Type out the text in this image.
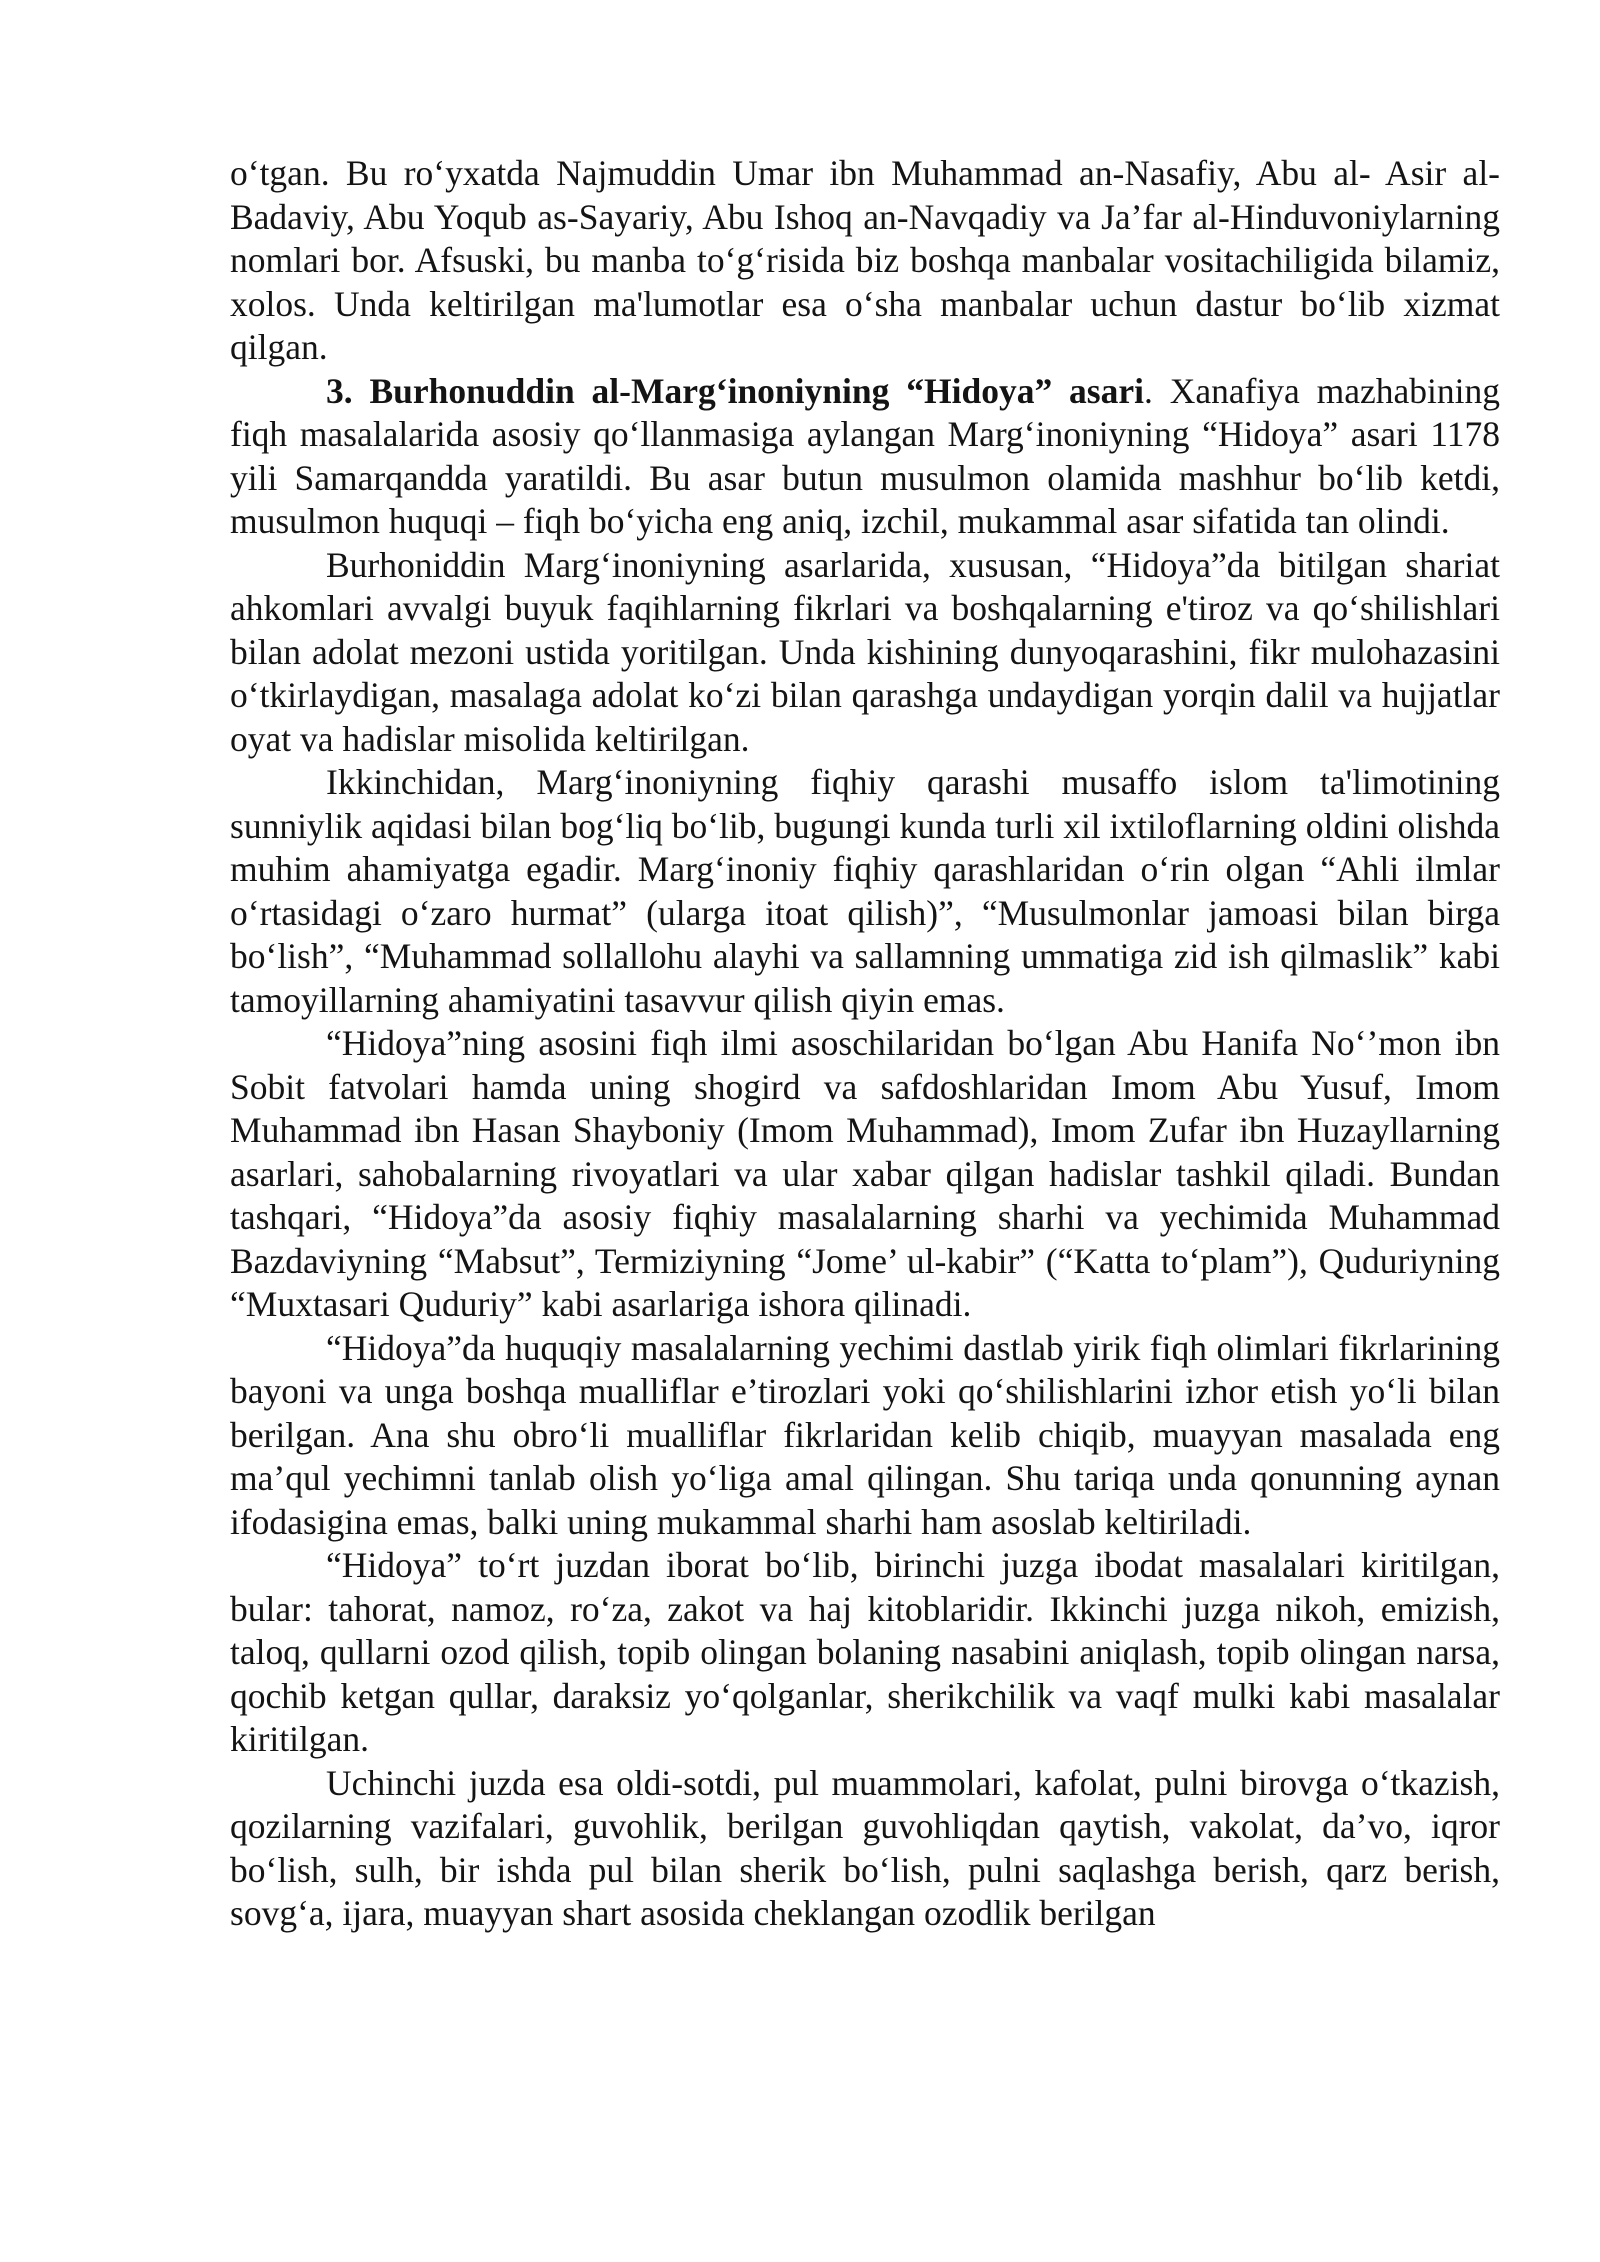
o‘tgan. Bu ro‘yxatda Najmuddin Umar ibn Muhammad an-Nasafiy, Abu al- Asir al-Badaviy, Abu Yoqub as-Sayariy, Abu Ishoq an-Navqadiy va Ja’far al-Hinduvoniylarning nomlari bor. Afsuski, bu manba to‘g‘risida biz boshqa manbalar vositachiligida bilamiz, xolos. Unda keltirilgan ma'lumotlar esa o‘sha manbalar uchun dastur bo‘lib xizmat qilgan.

3. Burhonuddin al-Marg‘inoniyning “Hidoya” asari. Xanafiya mazhabining fiqh masalalarida asosiy qo‘llanmasiga aylangan Marg‘inoniyning “Hidoya” asari 1178 yili Samarqandda yaratildi. Bu asar butun musulmon olamida mashhur bo‘lib ketdi, musulmon huquqi – fiqh bo‘yicha eng aniq, izchil, mukammal asar sifatida tan olindi.

Burhoniddin Marg‘inoniyning asarlarida, xususan, “Hidoya”da bitilgan shariat ahkomlari avvalgi buyuk faqihlarning fikrlari va boshqalarning e'tiroz va qo‘shilishlari bilan adolat mezoni ustida yoritilgan. Unda kishining dunyoqarashini, fikr mulohazasini o‘tkirlaydigan, masalaga adolat ko‘zi bilan qarashga undaydigan yorqin dalil va hujjatlar oyat va hadislar misolida keltirilgan.

Ikkinchidan, Marg‘inoniyning fiqhiy qarashi musaffo islom ta'limotining sunniylik aqidasi bilan bog‘liq bo‘lib, bugungi kunda turli xil ixtiloflarning oldini olishda muhim ahamiyatga egadir. Marg‘inoniy fiqhiy qarashlaridan o‘rin olgan “Ahli ilmlar o‘rtasidagi o‘zaro hurmat” (ularga itoat qilish)”, “Musulmonlar jamoasi bilan birga bo‘lish”, “Muhammad sollallohu alayhi va sallamning ummatiga zid ish qilmaslik” kabi tamoyillarning ahamiyatini tasavvur qilish qiyin emas.

“Hidoya”ning asosini fiqh ilmi asoschilaridan bo‘lgan Abu Hanifa No‘’mon ibn Sobit fatvolari hamda uning shogird va safdoshlaridan Imom Abu Yusuf, Imom Muhammad ibn Hasan Shayboniy (Imom Muhammad), Imom Zufar ibn Huzayllarning asarlari, sahobalarning rivoyatlari va ular xabar qilgan hadislar tashkil qiladi. Bundan tashqari, “Hidoya”da asosiy fiqhiy masalalarning sharhi va yechimida Muhammad Bazdaviyning “Mabsut”, Termiziyning “Jome’ ul-kabir” (“Katta to‘plam”), Quduriyning “Muxtasari Quduriy” kabi asarlariga ishora qilinadi.

“Hidoya”da huquqiy masalalarning yechimi dastlab yirik fiqh olimlari fikrlarining bayoni va unga boshqa mualliflar e’tirozlari yoki qo‘shilishlarini izhor etish yo‘li bilan berilgan. Ana shu obro‘li mualliflar fikrlaridan kelib chiqib, muayyan masalada eng ma’qul yechimni tanlab olish yo‘liga amal qilingan. Shu tariqa unda qonunning aynan ifodasigina emas, balki uning mukammal sharhi ham asoslab keltiriladi.

“Hidoya” to‘rt juzdan iborat bo‘lib, birinchi juzga ibodat masalalari kiritilgan, bular: tahorat, namoz, ro‘za, zakot va haj kitoblaridir. Ikkinchi juzga nikoh, emizish, taloq, qullarni ozod qilish, topib olingan bolaning nasabini aniqlash, topib olingan narsa, qochib ketgan qullar, daraksiz yo‘qolganlar, sherikchilik va vaqf mulki kabi masalalar kiritilgan.

Uchinchi juzda esa oldi-sotdi, pul muammolari, kafolat, pulni birovga o‘tkazish, qozilarning vazifalari, guvohlik, berilgan guvohliqdan qaytish, vakolat, da’vo, iqror bo‘lish, sulh, bir ishda pul bilan sherik bo‘lish, pulni saqlashga berish, qarz berish, sovg‘a, ijara, muayyan shart asosida cheklangan ozodlik berilgan
